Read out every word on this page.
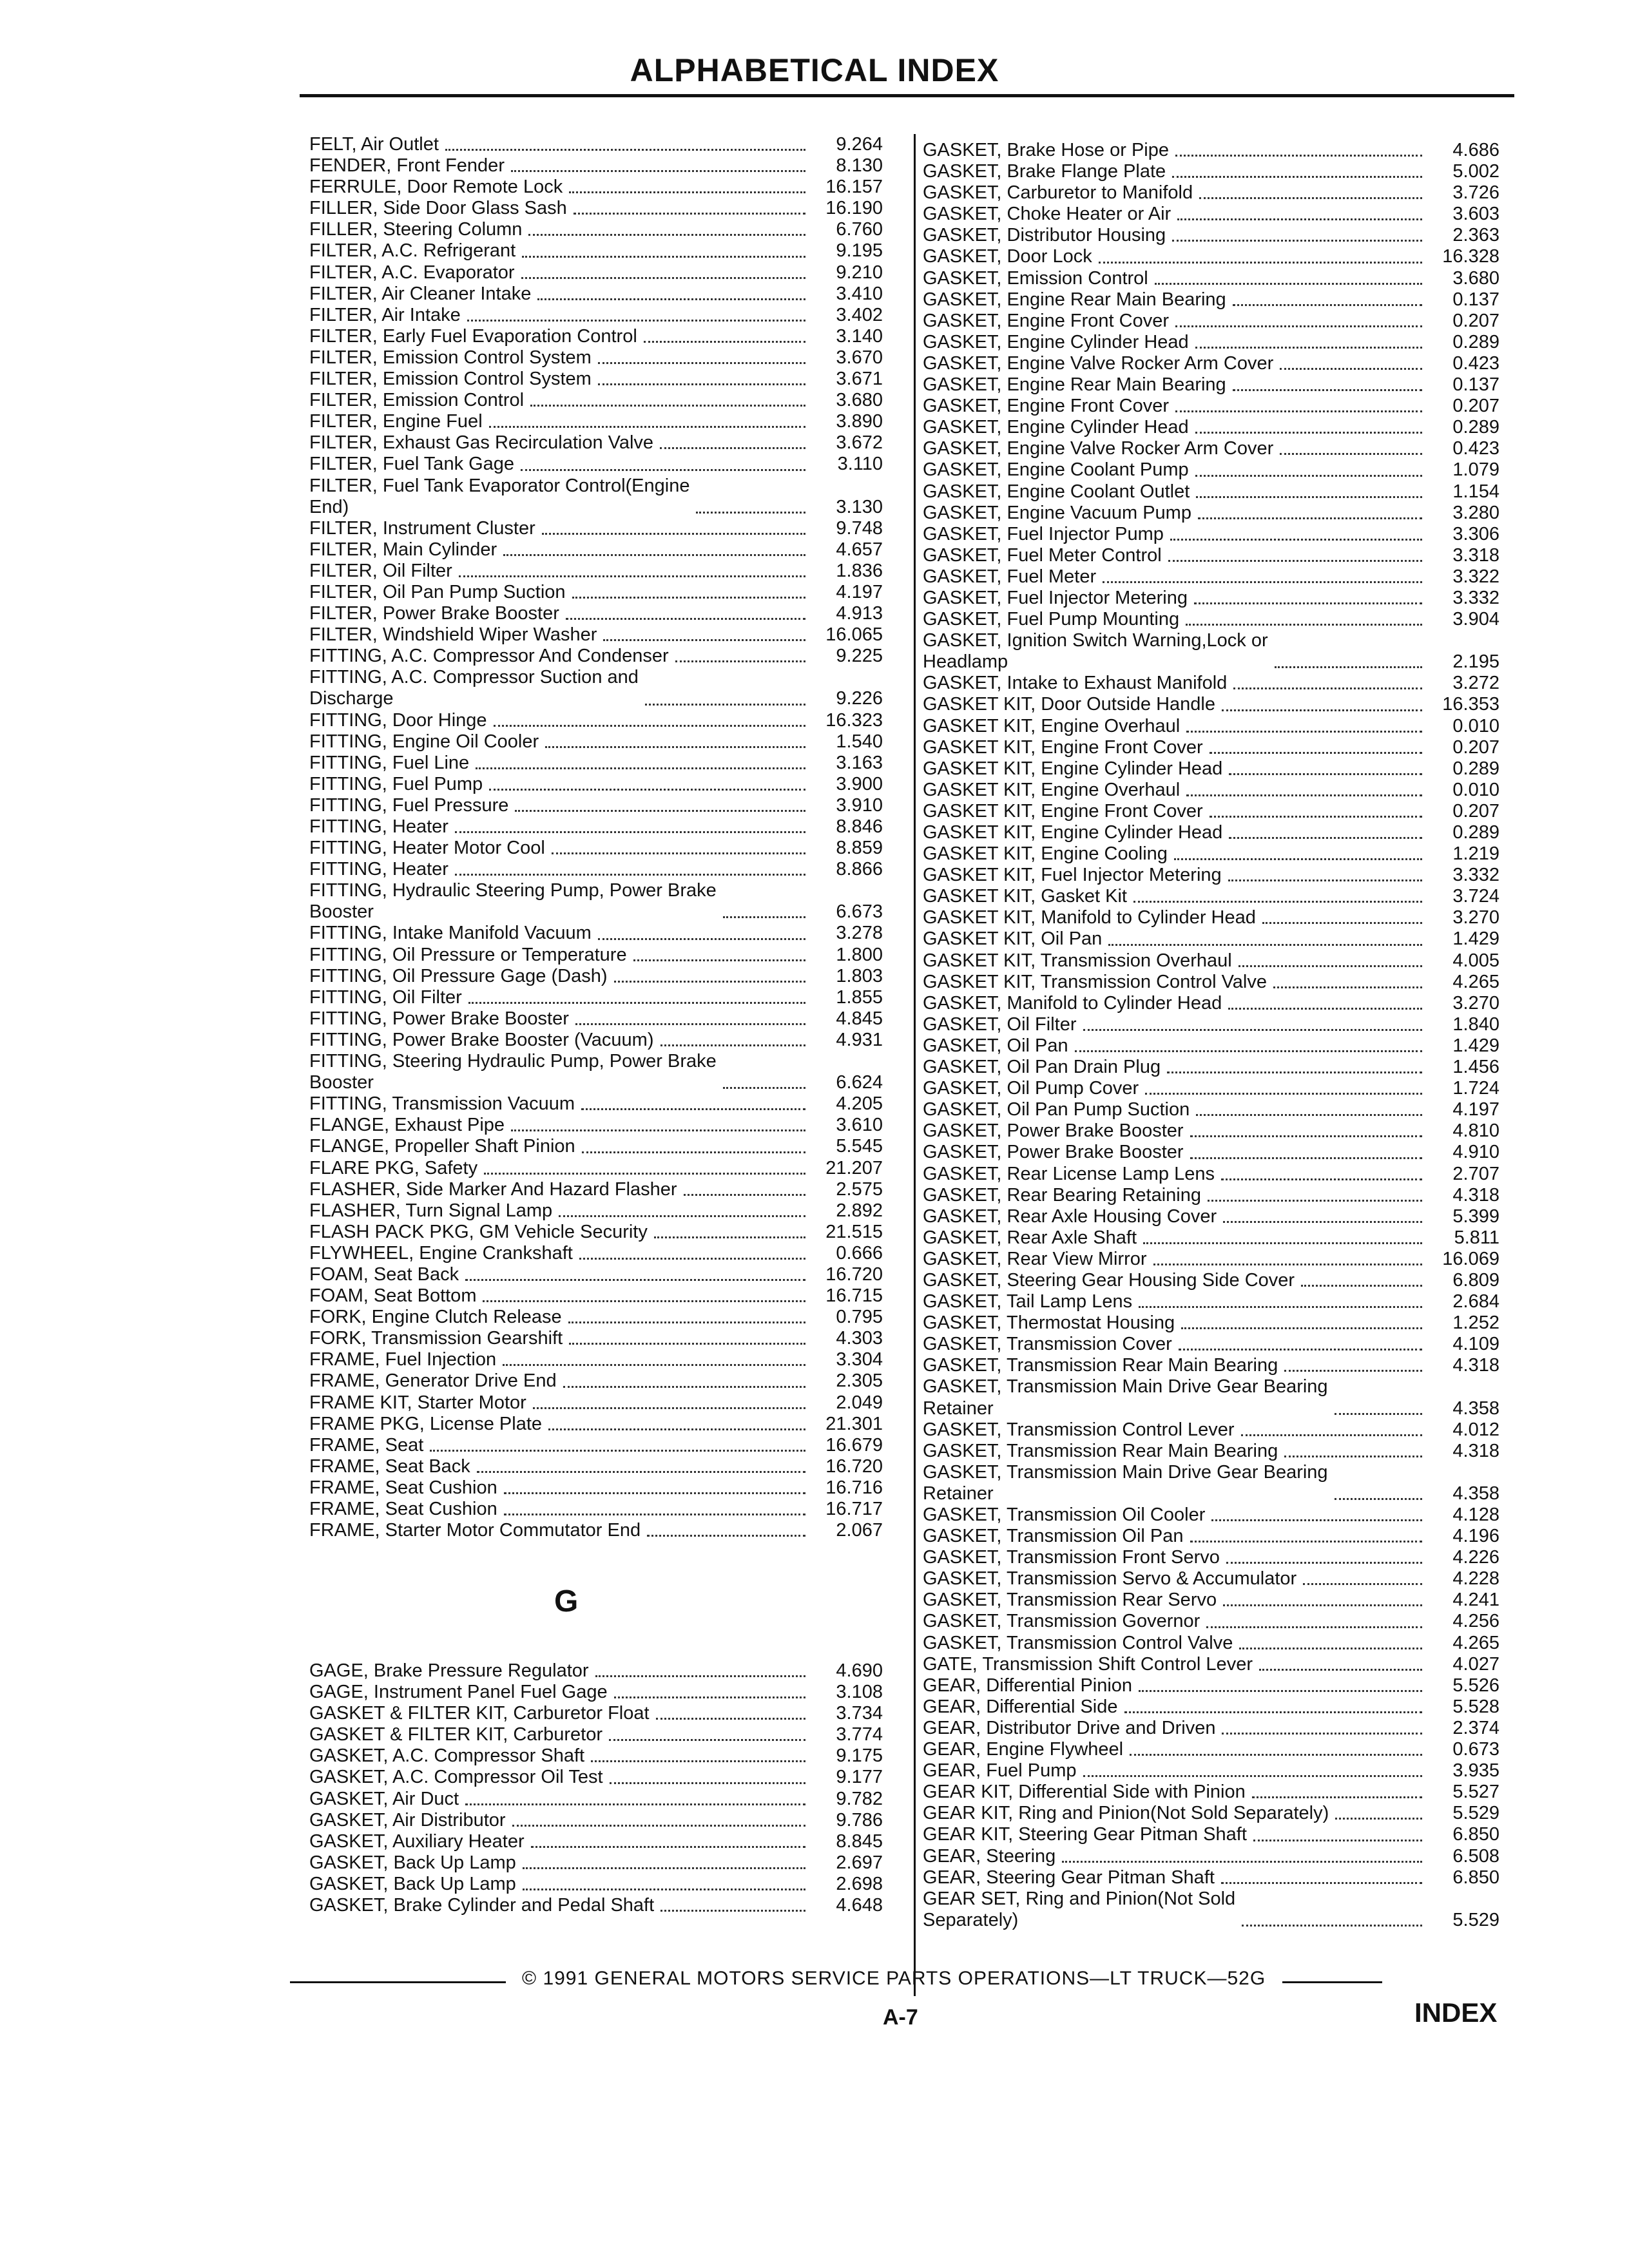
ALPHABETICAL INDEX
FELT, Air Outlet	9.264
FENDER, Front Fender	8.130
FERRULE, Door Remote Lock	16.157
FILLER, Side Door Glass Sash	16.190
FILLER, Steering Column	6.760
FILTER, A.C. Refrigerant	9.195
FILTER, A.C. Evaporator	9.210
FILTER, Air Cleaner Intake	3.410
FILTER, Air Intake	3.402
FILTER, Early Fuel Evaporation Control	3.140
FILTER, Emission Control System	3.670
FILTER, Emission Control System	3.671
FILTER, Emission Control	3.680
FILTER, Engine Fuel	3.890
FILTER, Exhaust Gas Recirculation Valve	3.672
FILTER, Fuel Tank Gage	3.110
FILTER, Fuel Tank Evaporator Control(Engine
End)	3.130
FILTER, Instrument Cluster	9.748
FILTER, Main Cylinder	4.657
FILTER, Oil Filter	1.836
FILTER, Oil Pan Pump Suction	4.197
FILTER, Power Brake Booster	4.913
FILTER, Windshield Wiper Washer	16.065
FITTING, A.C. Compressor And Condenser	9.225
FITTING, A.C. Compressor Suction and
Discharge	9.226
FITTING, Door Hinge	16.323
FITTING, Engine Oil Cooler	1.540
FITTING, Fuel Line	3.163
FITTING, Fuel Pump	3.900
FITTING, Fuel Pressure	3.910
FITTING, Heater	8.846
FITTING, Heater Motor Cool	8.859
FITTING, Heater	8.866
FITTING, Hydraulic Steering Pump, Power Brake
Booster	6.673
FITTING, Intake Manifold Vacuum	3.278
FITTING, Oil Pressure or Temperature	1.800
FITTING, Oil Pressure Gage (Dash)	1.803
FITTING, Oil Filter	1.855
FITTING, Power Brake Booster	4.845
FITTING, Power Brake Booster (Vacuum)	4.931
FITTING, Steering Hydraulic Pump, Power Brake
Booster	6.624
FITTING, Transmission Vacuum	4.205
FLANGE, Exhaust Pipe	3.610
FLANGE, Propeller Shaft Pinion	5.545
FLARE PKG, Safety	21.207
FLASHER, Side Marker And Hazard Flasher	2.575
FLASHER, Turn Signal Lamp	2.892
FLASH PACK PKG, GM Vehicle Security	21.515
FLYWHEEL, Engine Crankshaft	0.666
FOAM, Seat Back	16.720
FOAM, Seat Bottom	16.715
FORK, Engine Clutch Release	0.795
FORK, Transmission Gearshift	4.303
FRAME, Fuel Injection	3.304
FRAME, Generator Drive End	2.305
FRAME KIT, Starter Motor	2.049
FRAME PKG, License Plate	21.301
FRAME, Seat	16.679
FRAME, Seat Back	16.720
FRAME, Seat Cushion	16.716
FRAME, Seat Cushion	16.717
FRAME, Starter Motor Commutator End	2.067
G
GAGE, Brake Pressure Regulator	4.690
GAGE, Instrument Panel Fuel Gage	3.108
GASKET & FILTER KIT, Carburetor Float	3.734
GASKET & FILTER KIT, Carburetor	3.774
GASKET, A.C. Compressor Shaft	9.175
GASKET, A.C. Compressor Oil Test	9.177
GASKET, Air Duct	9.782
GASKET, Air Distributor	9.786
GASKET, Auxiliary Heater	8.845
GASKET, Back Up Lamp	2.697
GASKET, Back Up Lamp	2.698
GASKET, Brake Cylinder and Pedal Shaft	4.648
GASKET, Brake Hose or Pipe	4.686
GASKET, Brake Flange Plate	5.002
GASKET, Carburetor to Manifold	3.726
GASKET, Choke Heater or Air	3.603
GASKET, Distributor Housing	2.363
GASKET, Door Lock	16.328
GASKET, Emission Control	3.680
GASKET, Engine Rear Main Bearing	0.137
GASKET, Engine Front Cover	0.207
GASKET, Engine Cylinder Head	0.289
GASKET, Engine Valve Rocker Arm Cover	0.423
GASKET, Engine Rear Main Bearing	0.137
GASKET, Engine Front Cover	0.207
GASKET, Engine Cylinder Head	0.289
GASKET, Engine Valve Rocker Arm Cover	0.423
GASKET, Engine Coolant Pump	1.079
GASKET, Engine Coolant Outlet	1.154
GASKET, Engine Vacuum Pump	3.280
GASKET, Fuel Injector Pump	3.306
GASKET, Fuel Meter Control	3.318
GASKET, Fuel Meter	3.322
GASKET, Fuel Injector Metering	3.332
GASKET, Fuel Pump Mounting	3.904
GASKET, Ignition Switch Warning,Lock or
Headlamp	2.195
GASKET, Intake to Exhaust Manifold	3.272
GASKET KIT, Door Outside Handle	16.353
GASKET KIT, Engine Overhaul	0.010
GASKET KIT, Engine Front Cover	0.207
GASKET KIT, Engine Cylinder Head	0.289
GASKET KIT, Engine Overhaul	0.010
GASKET KIT, Engine Front Cover	0.207
GASKET KIT, Engine Cylinder Head	0.289
GASKET KIT, Engine Cooling	1.219
GASKET KIT, Fuel Injector Metering	3.332
GASKET KIT, Gasket Kit	3.724
GASKET KIT, Manifold to Cylinder Head	3.270
GASKET KIT, Oil Pan	1.429
GASKET KIT, Transmission Overhaul	4.005
GASKET KIT, Transmission Control Valve	4.265
GASKET, Manifold to Cylinder Head	3.270
GASKET, Oil Filter	1.840
GASKET, Oil Pan	1.429
GASKET, Oil Pan Drain Plug	1.456
GASKET, Oil Pump Cover	1.724
GASKET, Oil Pan Pump Suction	4.197
GASKET, Power Brake Booster	4.810
GASKET, Power Brake Booster	4.910
GASKET, Rear License Lamp Lens	2.707
GASKET, Rear Bearing Retaining	4.318
GASKET, Rear Axle Housing Cover	5.399
GASKET, Rear Axle Shaft	5.811
GASKET, Rear View Mirror	16.069
GASKET, Steering Gear Housing Side Cover	6.809
GASKET, Tail Lamp Lens	2.684
GASKET, Thermostat Housing	1.252
GASKET, Transmission Cover	4.109
GASKET, Transmission Rear Main Bearing	4.318
GASKET, Transmission Main Drive Gear Bearing
Retainer	4.358
GASKET, Transmission Control Lever	4.012
GASKET, Transmission Rear Main Bearing	4.318
GASKET, Transmission Main Drive Gear Bearing
Retainer	4.358
GASKET, Transmission Oil Cooler	4.128
GASKET, Transmission Oil Pan	4.196
GASKET, Transmission Front Servo	4.226
GASKET, Transmission Servo & Accumulator	4.228
GASKET, Transmission Rear Servo	4.241
GASKET, Transmission Governor	4.256
GASKET, Transmission Control Valve	4.265
GATE, Transmission Shift Control Lever	4.027
GEAR, Differential Pinion	5.526
GEAR, Differential Side	5.528
GEAR, Distributor Drive and Driven	2.374
GEAR, Engine Flywheel	0.673
GEAR, Fuel Pump	3.935
GEAR KIT, Differential Side with Pinion	5.527
GEAR KIT, Ring and Pinion(Not Sold Separately)	5.529
GEAR KIT, Steering Gear Pitman Shaft	6.850
GEAR, Steering	6.508
GEAR, Steering Gear Pitman Shaft	6.850
GEAR SET, Ring and Pinion(Not Sold
Separately)	5.529
© 1991 GENERAL MOTORS SERVICE PARTS OPERATIONS—LT TRUCK—52G
A-7	INDEX
